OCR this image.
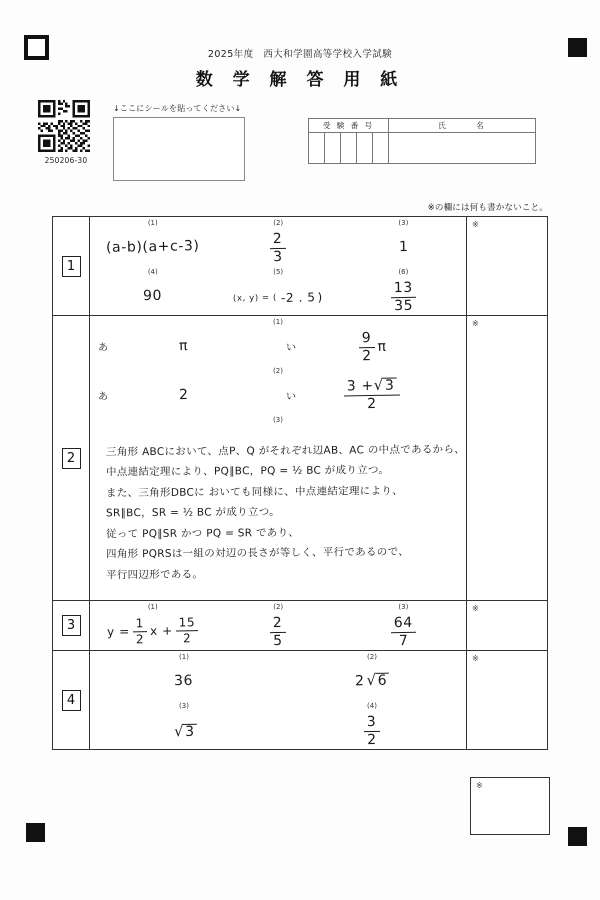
2025年度　西大和学園高等学校入学試験
数 学 解 答 用 紙
250206-30
↓ここにシールを貼ってください↓
受 験 番 号					氏　　　名

※の欄には何も書かないこと。
1	
(1)	(2)	(3)
(a-b)(a+c-3)	$\frac{2}{3}$	1
(4)	(5)	(6)
90	(x, y) = ( -2 . 5 )	$\frac{13}{35}$

※

2	
(1)

あ	π	い	$\frac{9}{2}$ π

(2)

あ	2	い	$\frac{3 + √ 3}{2}$

(3)

三角形 ABCにおいて、点P、Q がそれぞれ辺AB、AC の中点であるから、
中点連結定理により、PQ∥BC，PQ = ½ BC が成り立つ。
また、三角形DBCに おいても同様に、中点連結定理により、
SR∥BC，SR = ½ BC が成り立つ。
従って PQ∥SR かつ PQ = SR であり、
四角形 PQRSは一組の対辺の長さが等しく、平行であるので、
平行四辺形である。

※

3	
(1)	(2)	(3)

$y = \frac{1}{2}$ $x + \frac{15}{2}$	$\frac{2}{5}$	$\frac{64}{7}$

※

4	
(1)	(2)
36	2 √ 6

(3)	(4)

√ 3	$\frac{3}{2}$

※
※
